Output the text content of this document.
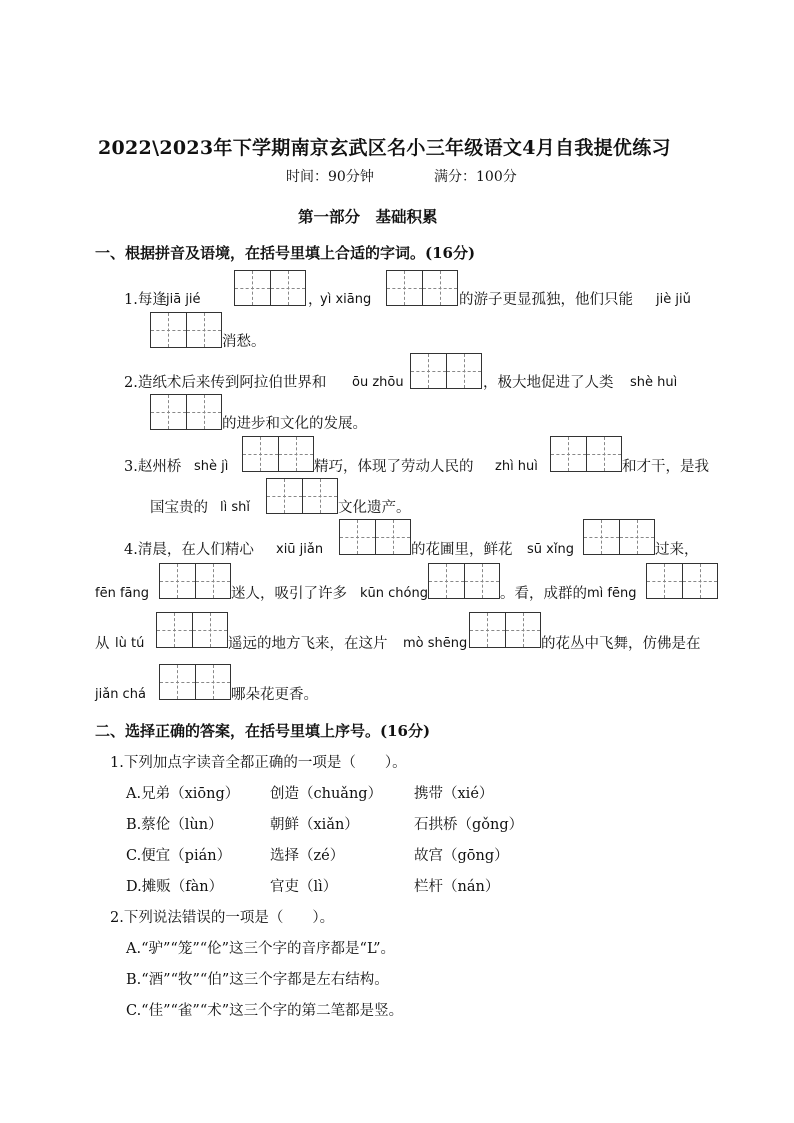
2022\2023年下学期南京玄武区名小三年级语文4月自我提优练习
时间：90分钟	满分：100分
第一部分　基础积累
一、根据拼音及语境，在括号里填上合适的字词。(16分)
1.每逢 jiā jié	，
yì xiāng	的游子更显孤独，他们只能 jiè jiǔ
消愁。
2.造纸术后来传到阿拉伯世界和 ōu zhōu	，极大地促进了人类 shè huì
的进步和文化的发展。
3.赵州桥 shè jì	精巧，体现了劳动人民的 zhì huì	和才干，是我
国宝贵的 lì shǐ	文化遗产。
4.清晨，在人们精心 xiū jiǎn	的花圃里，鲜花 sū xǐng	过来，
fēn fāng	迷人，吸引了许多 kūn chóng	。看，成群的 mì fēng
从 lù tú	遥远的地方飞来，在这片 mò shēng	的花丛中飞舞，仿佛是在
jiǎn chá	哪朵花更香。
二、选择正确的答案，在括号里填上序号。(16分)
1.下列加点字读音全都正确的一项是（　　）。
A.兄弟（xiōng） 创造（chuǎng） 携带（xié）
B.蔡伦（lùn）	朝鲜（xiǎn）	石拱桥（gǒng）
C.便宜（pián）	选择（zé）	故宫（gōng）
D.摊贩（fàn）	官吏（lì）	栏杆（nán）
2.下列说法错误的一项是（　　）。
A.“驴”“笼”“伦”这三个字的音序都是“L”。
B.“酒”“牧”“伯”这三个字都是左右结构。
C.“佳”“雀”“术”这三个字的第二笔都是竖。
